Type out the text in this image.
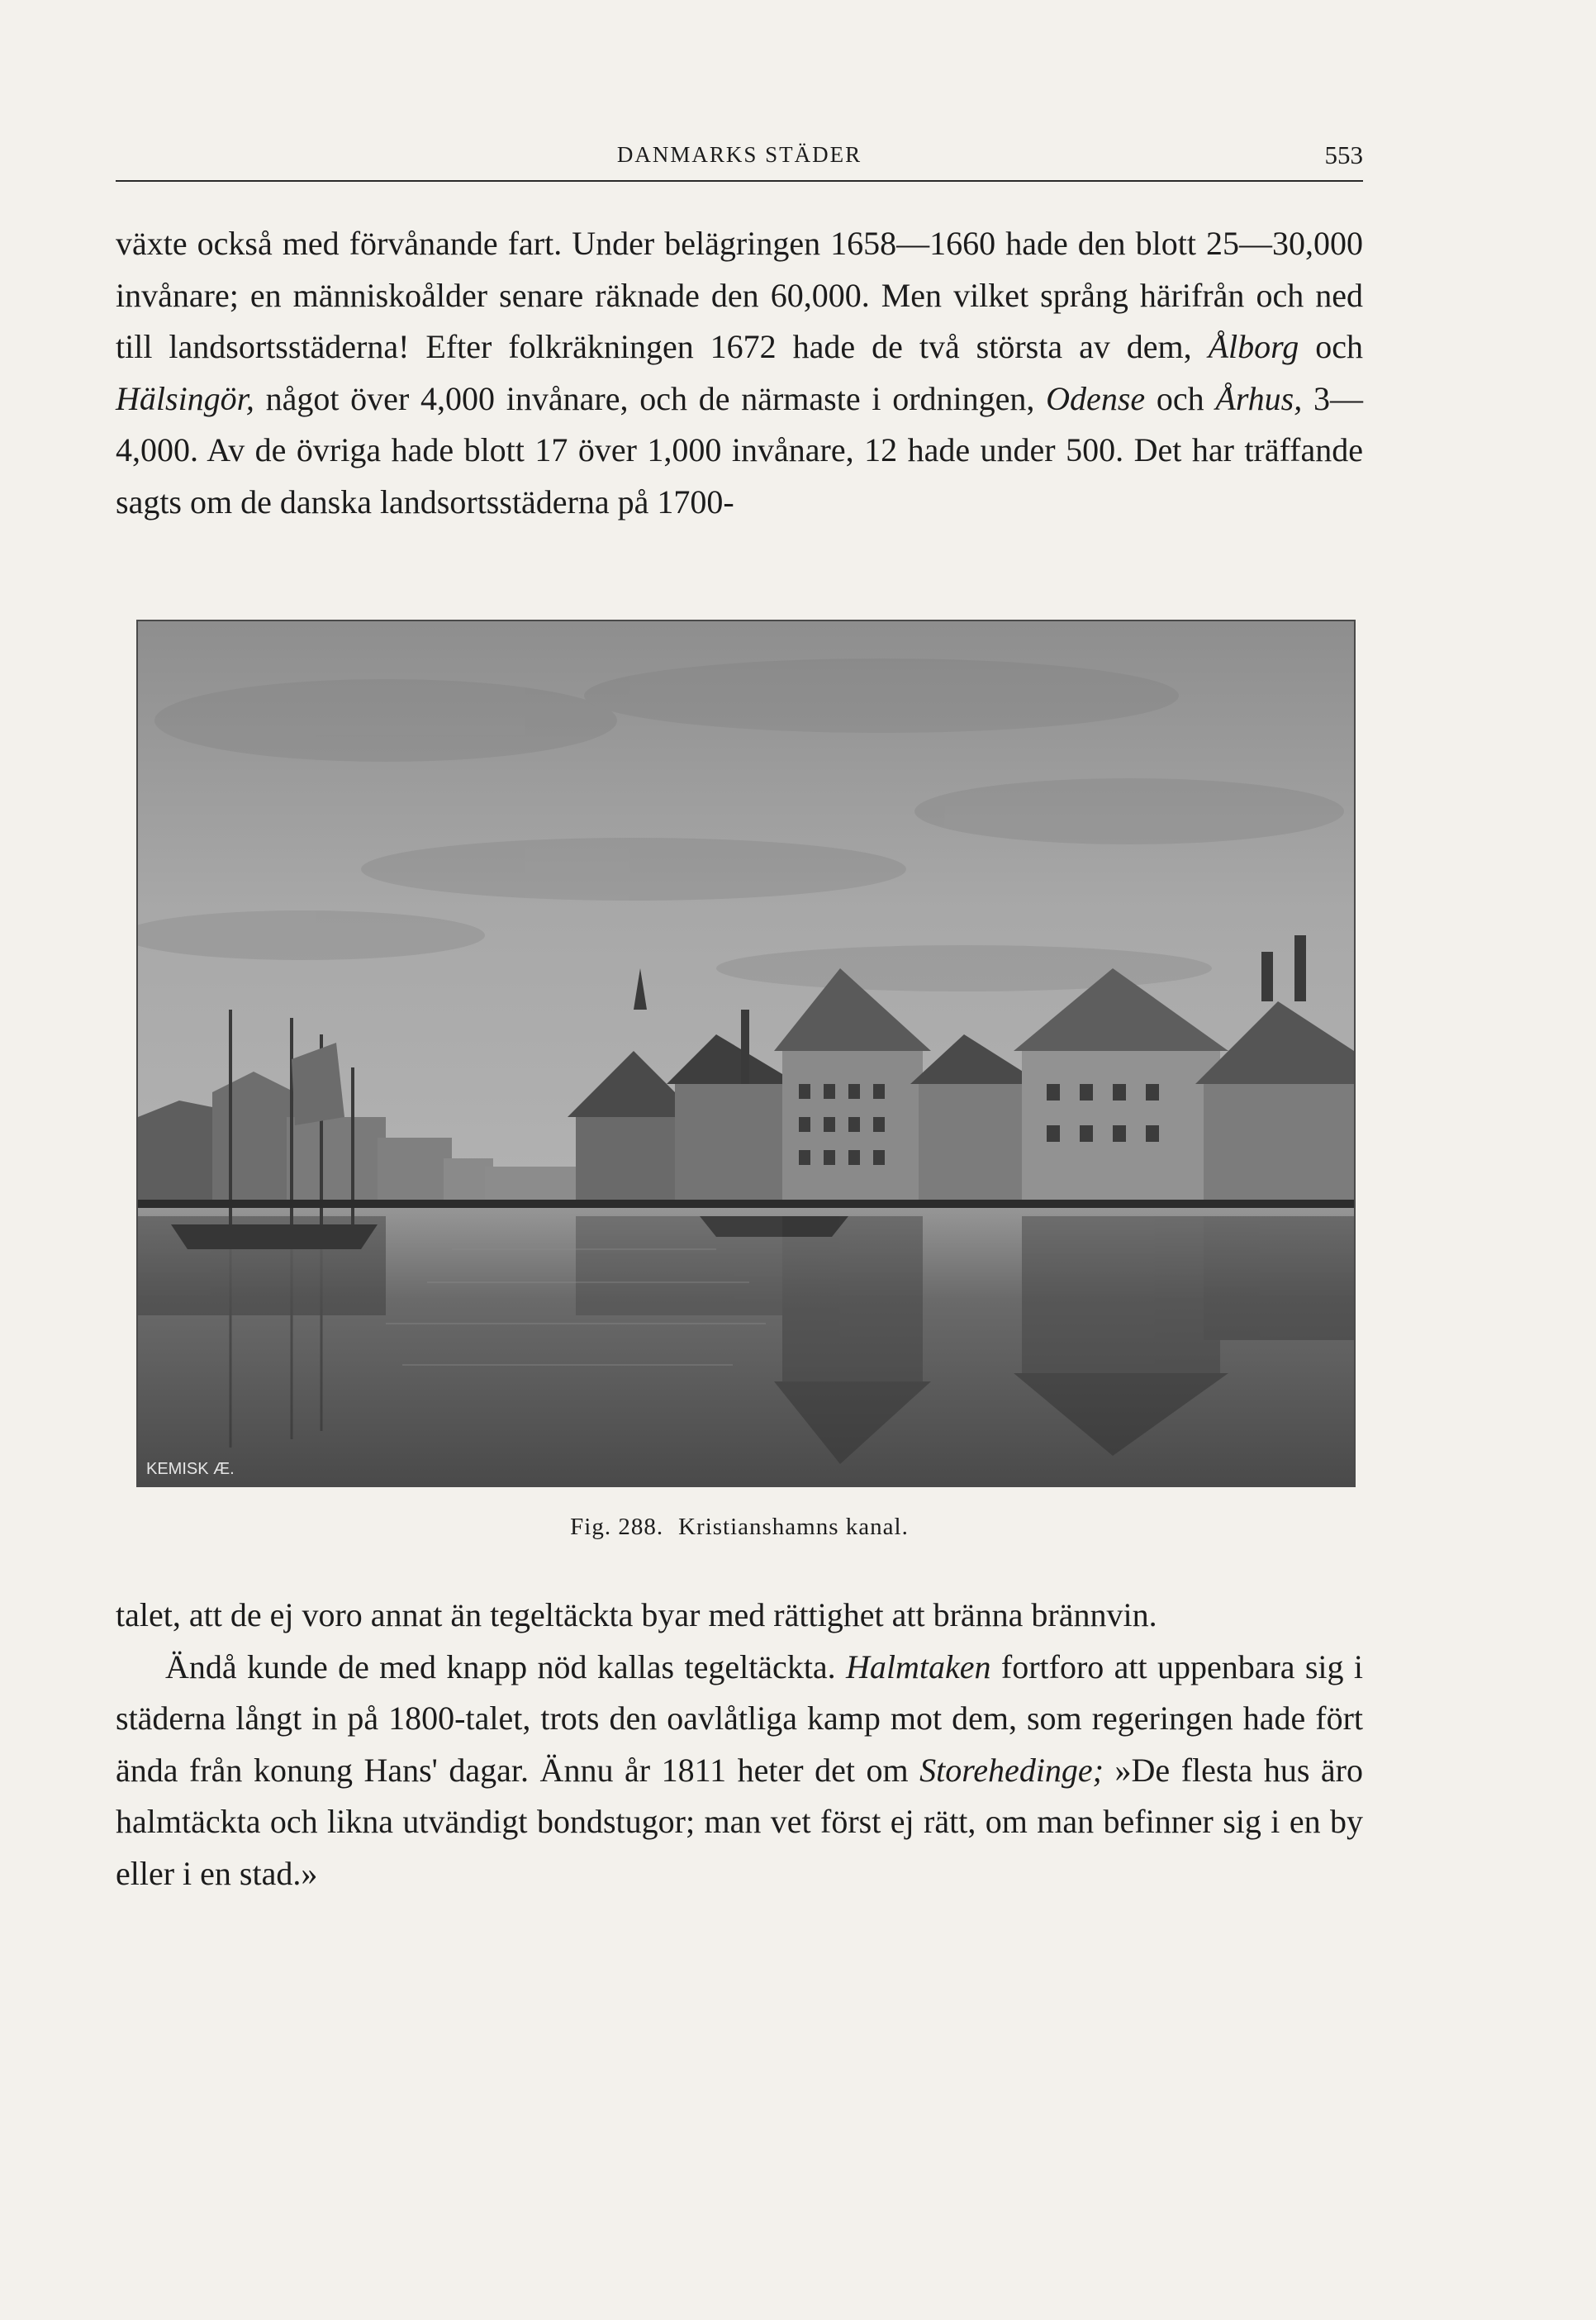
DANMARKS STÄDER	553

växte också med förvånande fart. Under belägringen 1658—1660 hade den blott 25—30,000 invånare; en människoålder senare räknade den 60,000. Men vilket språng härifrån och ned till landsortsstäderna! Efter folkräkningen 1672 hade de två största av dem, Ålborg och Hälsingör, något över 4,000 invånare, och de närmaste i ordningen, Odense och Århus, 3—4,000. Av de övriga hade blott 17 över 1,000 invånare, 12 hade under 500. Det har träffande sagts om de danska landsortsstäderna på 1700-

KEMISK Æ.
Fig. 288. Kristianshamns kanal.

talet, att de ej voro annat än tegeltäckta byar med rättighet att bränna brännvin.

Ändå kunde de med knapp nöd kallas tegeltäckta. Halmtaken fortforo att uppenbara sig i städerna långt in på 1800-talet, trots den oavlåtliga kamp mot dem, som regeringen hade fört ända från konung Hans' dagar. Ännu år 1811 heter det om Storehedinge; »De flesta hus äro halmtäckta och likna utvändigt bondstugor; man vet först ej rätt, om man befinner sig i en by eller i en stad.»
